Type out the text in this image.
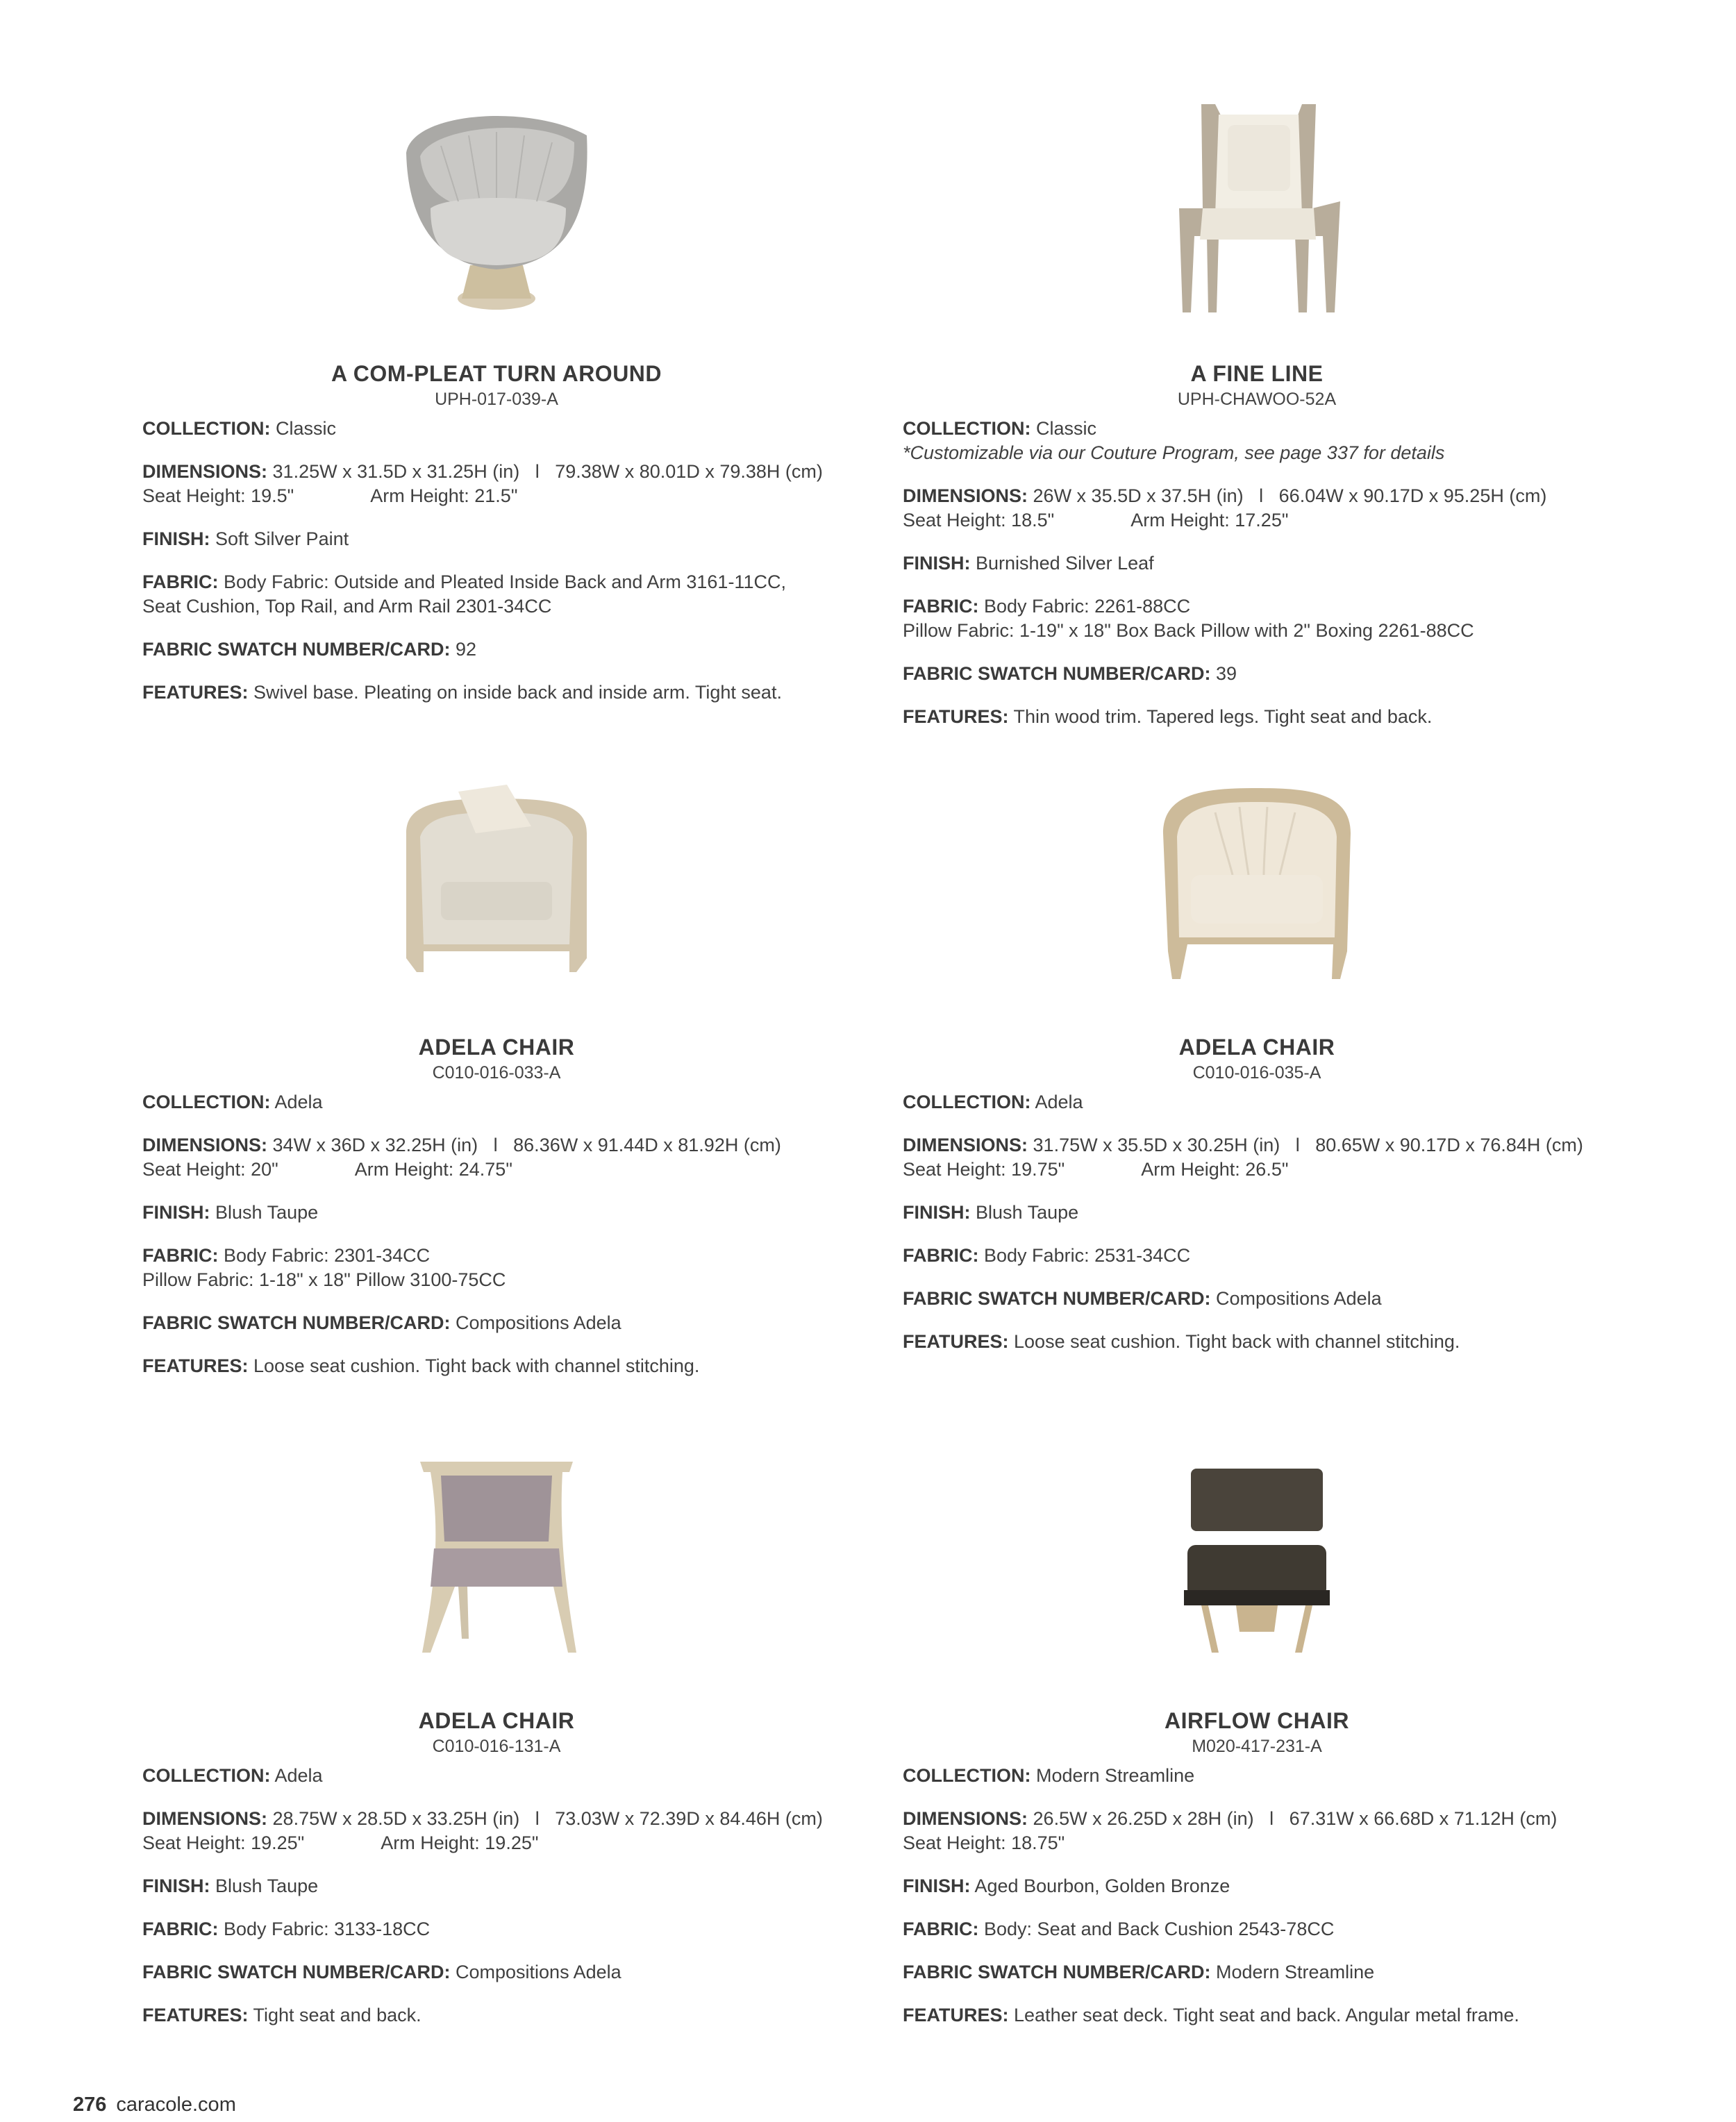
A COM-PLEAT TURN AROUND
UPH-017-039-A
COLLECTION: Classic
DIMENSIONS: 31.25W x 31.5D x 31.25H (in)   l   79.38W x 80.01D x 79.38H (cm)
Seat Height: 19.5"	Arm Height: 21.5"
FINISH: Soft Silver Paint
FABRIC: Body Fabric: Outside and Pleated Inside Back and Arm 3161-11CC,
Seat Cushion, Top Rail, and Arm Rail 2301-34CC
FABRIC SWATCH NUMBER/CARD: 92
FEATURES: Swivel base. Pleating on inside back and inside arm. Tight seat.
A FINE LINE
UPH-CHAWOO-52A
COLLECTION: Classic
*Customizable via our Couture Program, see page 337 for details
DIMENSIONS: 26W x 35.5D x 37.5H (in)   l   66.04W x 90.17D x 95.25H (cm)
Seat Height: 18.5"	Arm Height: 17.25"
FINISH: Burnished Silver Leaf
FABRIC: Body Fabric: 2261-88CC
Pillow Fabric: 1-19" x 18" Box Back Pillow with 2" Boxing 2261-88CC
FABRIC SWATCH NUMBER/CARD: 39
FEATURES: Thin wood trim. Tapered legs. Tight seat and back.
ADELA CHAIR
C010-016-033-A
COLLECTION: Adela
DIMENSIONS: 34W x 36D x 32.25H (in)   l   86.36W x 91.44D x 81.92H (cm)
Seat Height: 20"	Arm Height: 24.75"
FINISH: Blush Taupe
FABRIC: Body Fabric: 2301-34CC
Pillow Fabric: 1-18" x 18" Pillow 3100-75CC
FABRIC SWATCH NUMBER/CARD: Compositions Adela
FEATURES: Loose seat cushion. Tight back with channel stitching.
ADELA CHAIR
C010-016-035-A
COLLECTION: Adela
DIMENSIONS: 31.75W x 35.5D x 30.25H (in)   l   80.65W x 90.17D x 76.84H (cm)
Seat Height: 19.75"	Arm Height: 26.5"
FINISH: Blush Taupe
FABRIC: Body Fabric: 2531-34CC
FABRIC SWATCH NUMBER/CARD: Compositions Adela
FEATURES: Loose seat cushion. Tight back with channel stitching.
ADELA CHAIR
C010-016-131-A
COLLECTION: Adela
DIMENSIONS: 28.75W x 28.5D x 33.25H (in)   l   73.03W x 72.39D x 84.46H (cm)
Seat Height: 19.25"	Arm Height: 19.25"
FINISH: Blush Taupe
FABRIC: Body Fabric: 3133-18CC
FABRIC SWATCH NUMBER/CARD: Compositions Adela
FEATURES: Tight seat and back.
AIRFLOW CHAIR
M020-417-231-A
COLLECTION: Modern Streamline
DIMENSIONS: 26.5W x 26.25D x 28H (in)   l   67.31W x 66.68D x 71.12H (cm)
Seat Height: 18.75"
FINISH: Aged Bourbon, Golden Bronze
FABRIC: Body: Seat and Back Cushion 2543-78CC
FABRIC SWATCH NUMBER/CARD: Modern Streamline
FEATURES: Leather seat deck. Tight seat and back. Angular metal frame.
276 caracole.com
